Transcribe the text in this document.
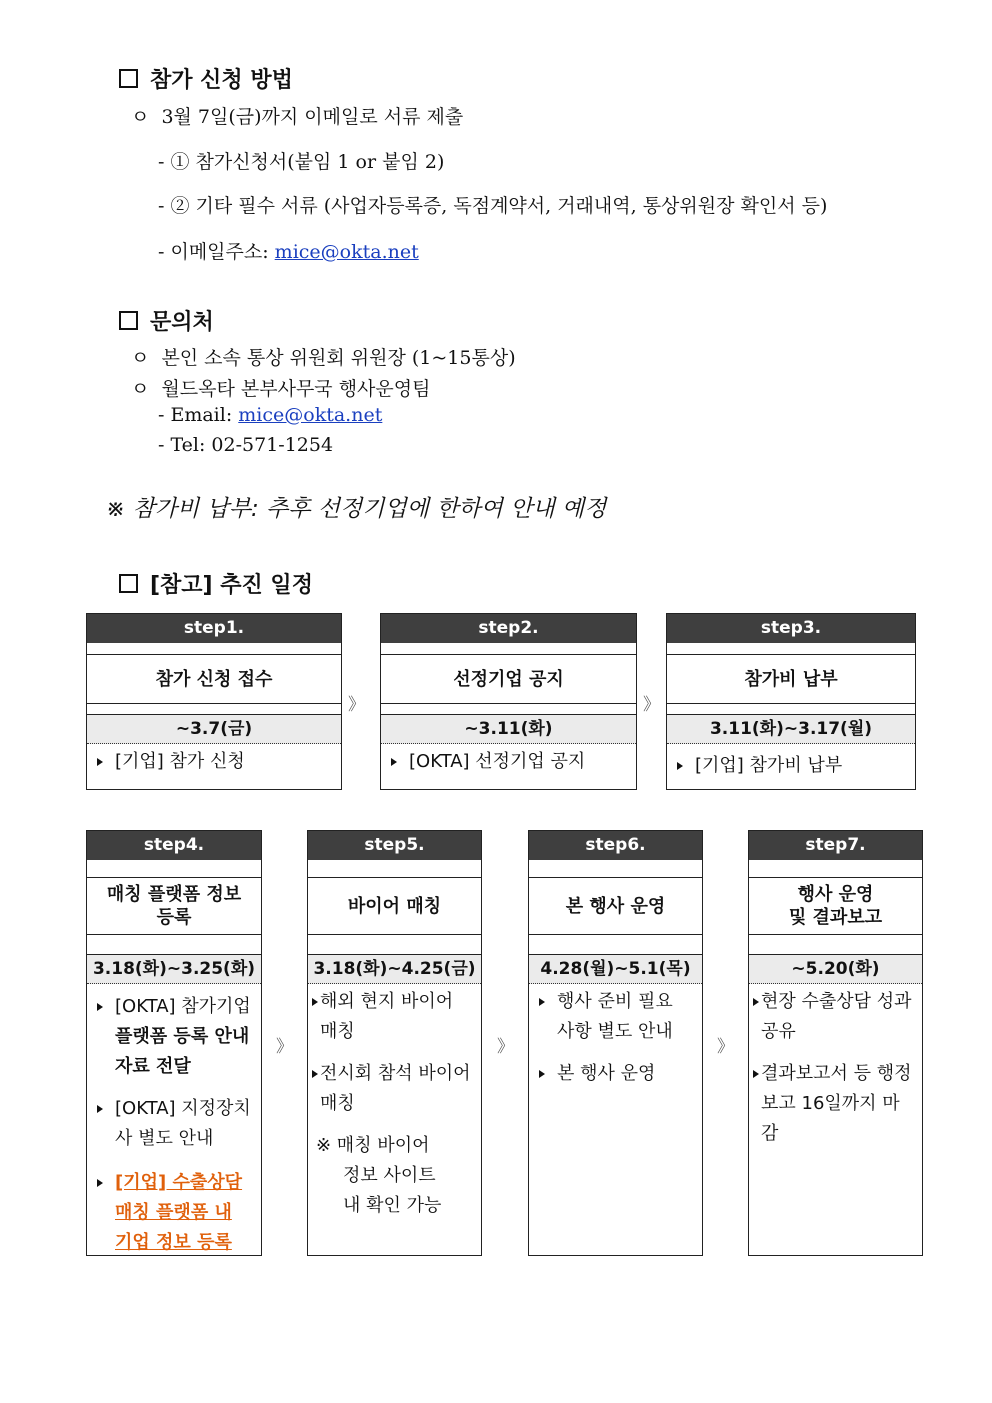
참가 신청 방법
ㅇ  3월 7일(금)까지 이메일로 서류 제출
- ① 참가신청서(붙임 1 or 붙임 2)
- ② 기타 필수 서류 (사업자등록증, 독점계약서, 거래내역, 통상위원장 확인서 등)
- 이메일주소: mice@okta.net
문의처
ㅇ  본인 소속 통상 위원회 위원장 (1~15통상)
ㅇ  월드옥타 본부사무국 행사운영팀
- Email: mice@okta.net
- Tel: 02-571-1254
※ 참가비 납부: 추후 선정기업에 한하여 안내 예정
[참고] 추진 일정
step1.
참가 신청 접수
~3.7(금)
[기업] 참가 신청
》
step2.
선정기업 공지
~3.11(화)
[OKTA] 선정기업 공지
》
step3.
참가비 납부
3.11(화)~3.17(월)
[기업] 참가비 납부
step4.
매칭 플랫폼 정보
등록
3.18(화)~3.25(화)
[OKTA] 참가기업 플랫폼 등록 안내자료 전달
[OKTA] 지정장치사 별도 안내
[기업] 수출상담 매칭 플랫폼 내 기업 정보 등록
》
step5.
바이어 매칭
3.18(화)~4.25(금)
해외 현지 바이어 매칭
전시회 참석 바이어 매칭
※ 매칭 바이어
정보 사이트
내 확인 가능
》
step6.
본 행사 운영
4.28(월)~5.1(목)
행사 준비 필요 사항 별도 안내
본 행사 운영
》
step7.
행사 운영
및 결과보고
~5.20(화)
현장 수출상담 성과 공유
결과보고서 등 행정보고 16일까지 마감
